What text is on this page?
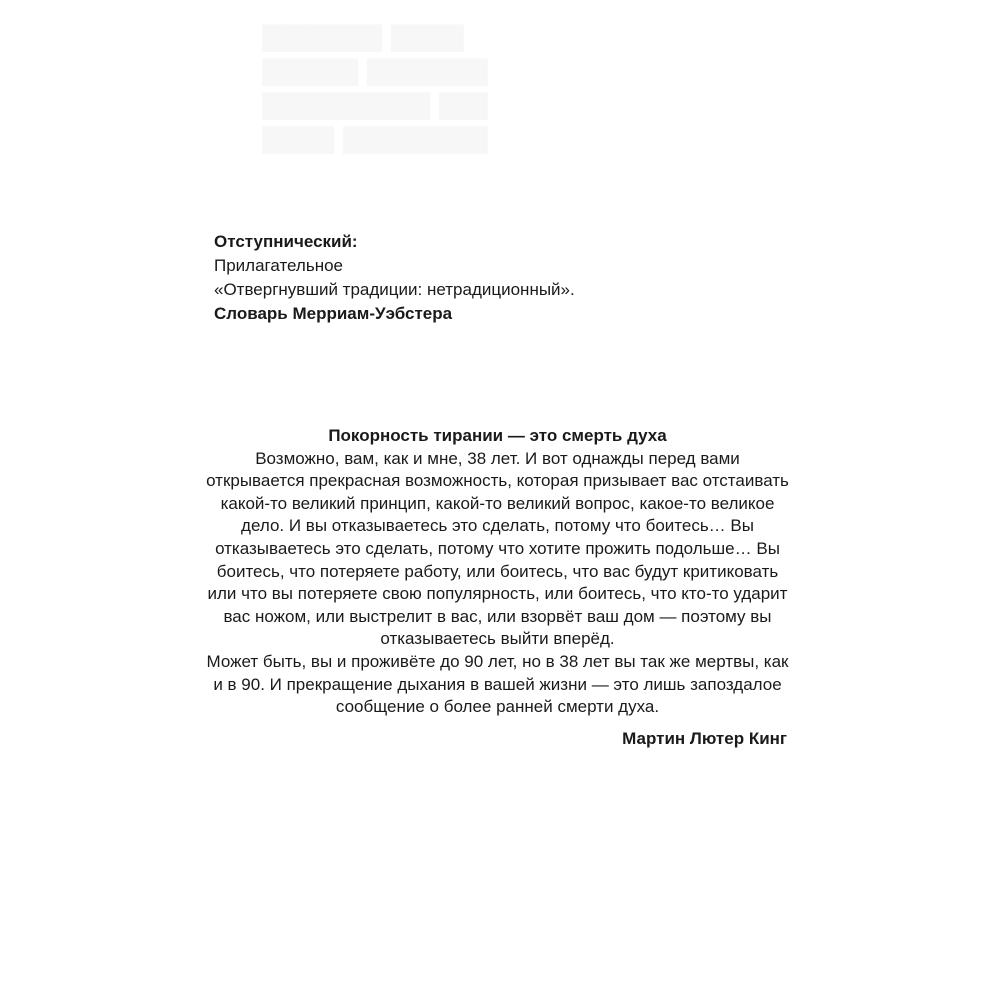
▆▆▆▆▆ ▆▆▆
▆▆▆▆ ▆▆▆▆▆
▆▆▆▆▆▆▆ ▆▆
▆▆▆ ▆▆▆▆▆▆
Отступнический:
Прилагательное
«Отвергнувший традиции: нетрадиционный».
Словарь Мерриам-Уэбстера
Покорность тирании — это смерть духа
Возможно, вам, как и мне, 38 лет. И вот однажды перед вами
открывается прекрасная возможность, которая призывает вас отстаивать
какой-то великий принцип, какой-то великий вопрос, какое-то великое
дело. И вы отказываетесь это сделать, потому что боитесь… Вы
отказываетесь это сделать, потому что хотите прожить подольше… Вы
боитесь, что потеряете работу, или боитесь, что вас будут критиковать
или что вы потеряете свою популярность, или боитесь, что кто-то ударит
вас ножом, или выстрелит в вас, или взорвёт ваш дом — поэтому вы
отказываетесь выйти вперёд.
Может быть, вы и проживёте до 90 лет, но в 38 лет вы так же мертвы, как
и в 90. И прекращение дыхания в вашей жизни — это лишь запоздалое
сообщение о более ранней смерти духа.
Мартин Лютер Кинг
